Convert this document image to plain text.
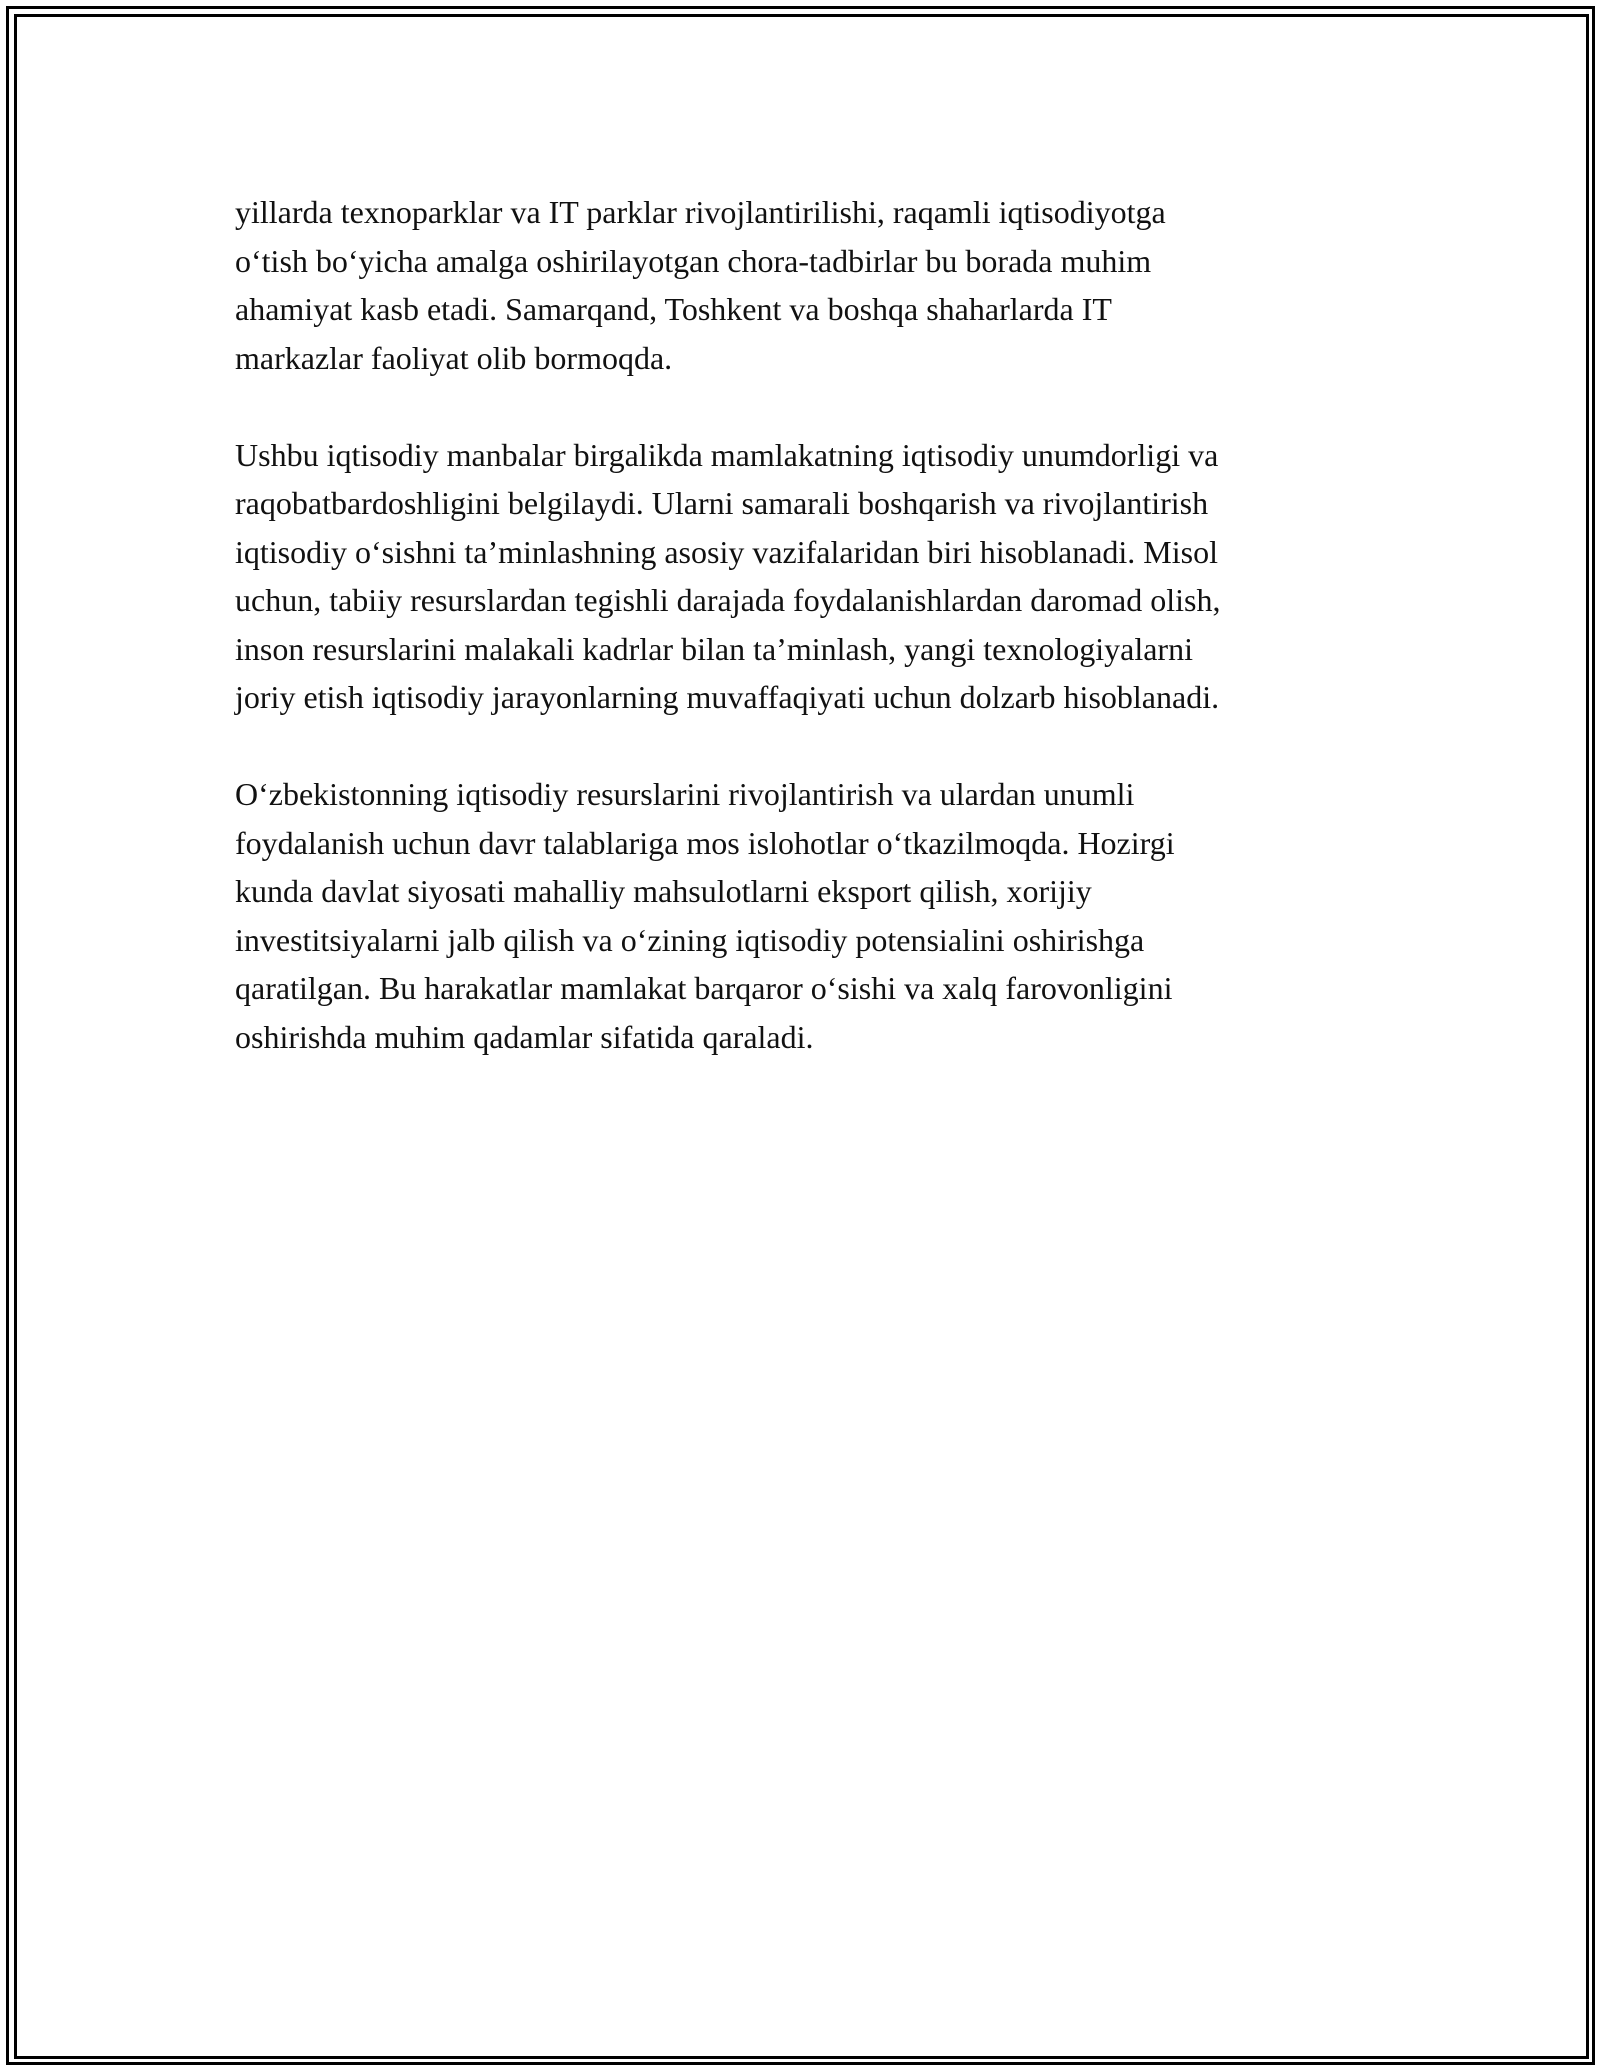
yillarda texnoparklar va IT parklar rivojlantirilishi, raqamli iqtisodiyotga
o‘tish bo‘yicha amalga oshirilayotgan chora-tadbirlar bu borada muhim
ahamiyat kasb etadi. Samarqand, Toshkent va boshqa shaharlarda IT
markazlar faoliyat olib bormoqda.

Ushbu iqtisodiy manbalar birgalikda mamlakatning iqtisodiy unumdorligi va
raqobatbardoshligini belgilaydi. Ularni samarali boshqarish va rivojlantirish
iqtisodiy o‘sishni ta’minlashning asosiy vazifalaridan biri hisoblanadi. Misol
uchun, tabiiy resurslardan tegishli darajada foydalanishlardan daromad olish,
inson resurslarini malakali kadrlar bilan ta’minlash, yangi texnologiyalarni
joriy etish iqtisodiy jarayonlarning muvaffaqiyati uchun dolzarb hisoblanadi.

O‘zbekistonning iqtisodiy resurslarini rivojlantirish va ulardan unumli
foydalanish uchun davr talablariga mos islohotlar o‘tkazilmoqda. Hozirgi
kunda davlat siyosati mahalliy mahsulotlarni eksport qilish, xorijiy
investitsiyalarni jalb qilish va o‘zining iqtisodiy potensialini oshirishga
qaratilgan. Bu harakatlar mamlakat barqaror o‘sishi va xalq farovonligini
oshirishda muhim qadamlar sifatida qaraladi.
